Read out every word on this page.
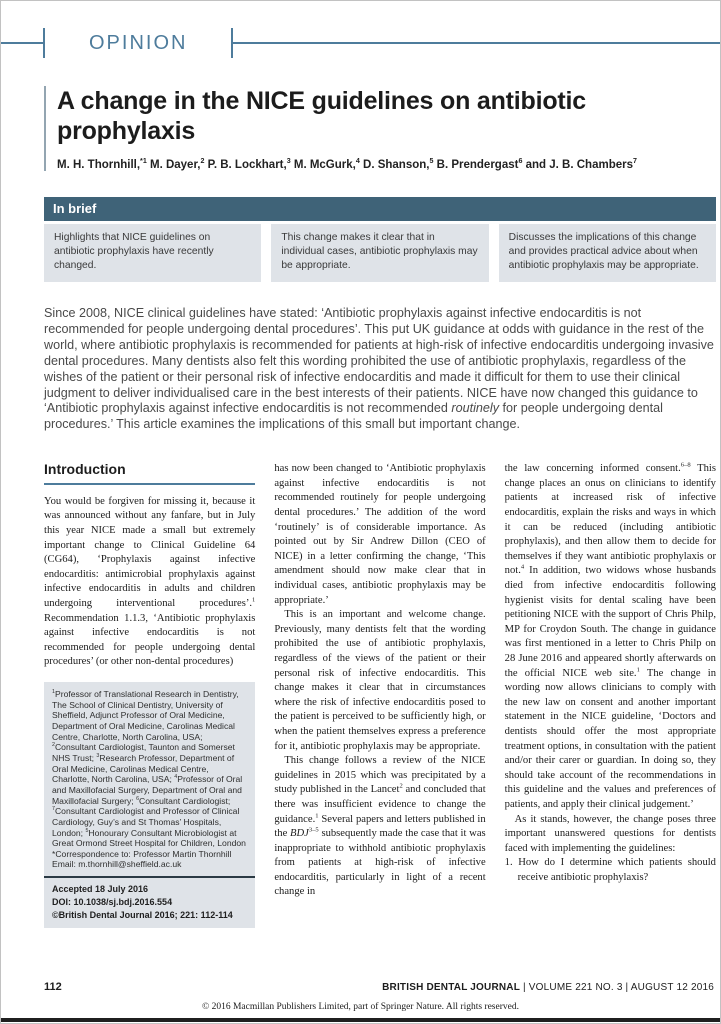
OPINION
A change in the NICE guidelines on antibiotic prophylaxis
M. H. Thornhill,$^{*1}$ M. Dayer,$^2$ P. B. Lockhart,$^3$ M. McGurk,$^4$ D. Shanson,$^5$ B. Prendergast$^6$ and J. B. Chambers$^7$
In brief
Highlights that NICE guidelines on antibiotic prophylaxis have recently changed.
This change makes it clear that in individual cases, antibiotic prophylaxis may be appropriate.
Discusses the implications of this change and provides practical advice about when antibiotic prophylaxis may be appropriate.
Since 2008, NICE clinical guidelines have stated: ‘Antibiotic prophylaxis against infective endocarditis is not recommended for people undergoing dental procedures’. This put UK guidance at odds with guidance in the rest of the world, where antibiotic prophylaxis is recommended for patients at high-risk of infective endocarditis undergoing invasive dental procedures. Many dentists also felt this wording prohibited the use of antibiotic prophylaxis, regardless of the wishes of the patient or their personal risk of infective endocarditis and made it difficult for them to use their clinical judgment to deliver individualised care in the best interests of their patients. NICE have now changed this guidance to ‘Antibiotic prophylaxis against infective endocarditis is not recommended routinely for people undergoing dental procedures.’ This article examines the implications of this small but important change.
Introduction

You would be forgiven for missing it, because it was announced without any fanfare, but in July this year NICE made a small but extremely important change to Clinical Guideline 64 (CG64), ‘Prophylaxis against infective endocarditis: antimicrobial prophylaxis against infective endocarditis in adults and children undergoing interventional procedures’.$^1$ Recommendation 1.1.3, ‘Antibiotic prophylaxis against infective endocarditis is not recommended for people undergoing dental procedures’ (or other non-dental procedures)

$^1$Professor of Translational Research in Dentistry, The School of Clinical Dentistry, University of Sheffield, Adjunct Professor of Oral Medicine, Department of Oral Medicine, Carolinas Medical Centre, Charlotte, North Carolina, USA; $^2$Consultant Cardiologist, Taunton and Somerset NHS Trust; $^3$Research Professor, Department of Oral Medicine, Carolinas Medical Centre, Charlotte, North Carolina, USA; $^4$Professor of Oral and Maxillofacial Surgery, Department of Oral and Maxillofacial Surgery; $^6$Consultant Cardiologist; $^7$Consultant Cardiologist and Professor of Clinical Cardiology, Guy’s and St Thomas’ Hospitals, London; $^5$Honourary Consultant Microbiologist at Great Ormond Street Hospital for Children, London

*Correspondence to: Professor Martin Thornhill

Email: m.thornhill@sheffield.ac.uk

Accepted 18 July 2016
DOI: 10.1038/sj.bdj.2016.554
©British Dental Journal 2016; 221: 112-114

has now been changed to ‘Antibiotic prophylaxis against infective endocarditis is not recommended routinely for people undergoing dental procedures.’ The addition of the word ‘routinely’ is of considerable importance. As pointed out by Sir Andrew Dillon (CEO of NICE) in a letter confirming the change, ‘This amendment should now make clear that in individual cases, antibiotic prophylaxis may be appropriate.’

This is an important and welcome change. Previously, many dentists felt that the wording prohibited the use of antibiotic prophylaxis, regardless of the views of the patient or their personal risk of infective endocarditis. This change makes it clear that in circumstances where the risk of infective endocarditis posed to the patient is perceived to be sufficiently high, or when the patient themselves express a preference for it, antibiotic prophylaxis may be appropriate.

This change follows a review of the NICE guidelines in 2015 which was precipitated by a study published in the Lancet$^2$ and concluded that there was insufficient evidence to change the guidance.$^1$ Several papers and letters published in the BDJ$^{3-5}$ subsequently made the case that it was inappropriate to withhold antibiotic prophylaxis from patients at high-risk of infective endocarditis, particularly in light of a recent change in

the law concerning informed consent.$^{6-8}$ This change places an onus on clinicians to identify patients at increased risk of infective endocarditis, explain the risks and ways in which it can be reduced (including antibiotic prophylaxis), and then allow them to decide for themselves if they want antibiotic prophylaxis or not.$^4$ In addition, two widows whose husbands died from infective endocarditis following hygienist visits for dental scaling have been petitioning NICE with the support of Chris Philp, MP for Croydon South. The change in guidance was first mentioned in a letter to Chris Philp on 28 June 2016 and appeared shortly afterwards on the official NICE web site.$^1$ The change in wording now allows clinicians to comply with the new law on consent and another important statement in the NICE guideline, ‘Doctors and dentists should offer the most appropriate treatment options, in consultation with the patient and/or their carer or guardian. In doing so, they should take account of the recommendations in this guideline and the values and preferences of patients, and apply their clinical judgement.’

As it stands, however, the change poses three important unanswered questions for dentists faced with implementing the guidelines:

1. How do I determine which patients should receive antibiotic prophylaxis?

112	BRITISH DENTAL JOURNAL | VOLUME 221 NO. 3 | AUGUST 12 2016
© 2016 Macmillan Publishers Limited, part of Springer Nature. All rights reserved.
